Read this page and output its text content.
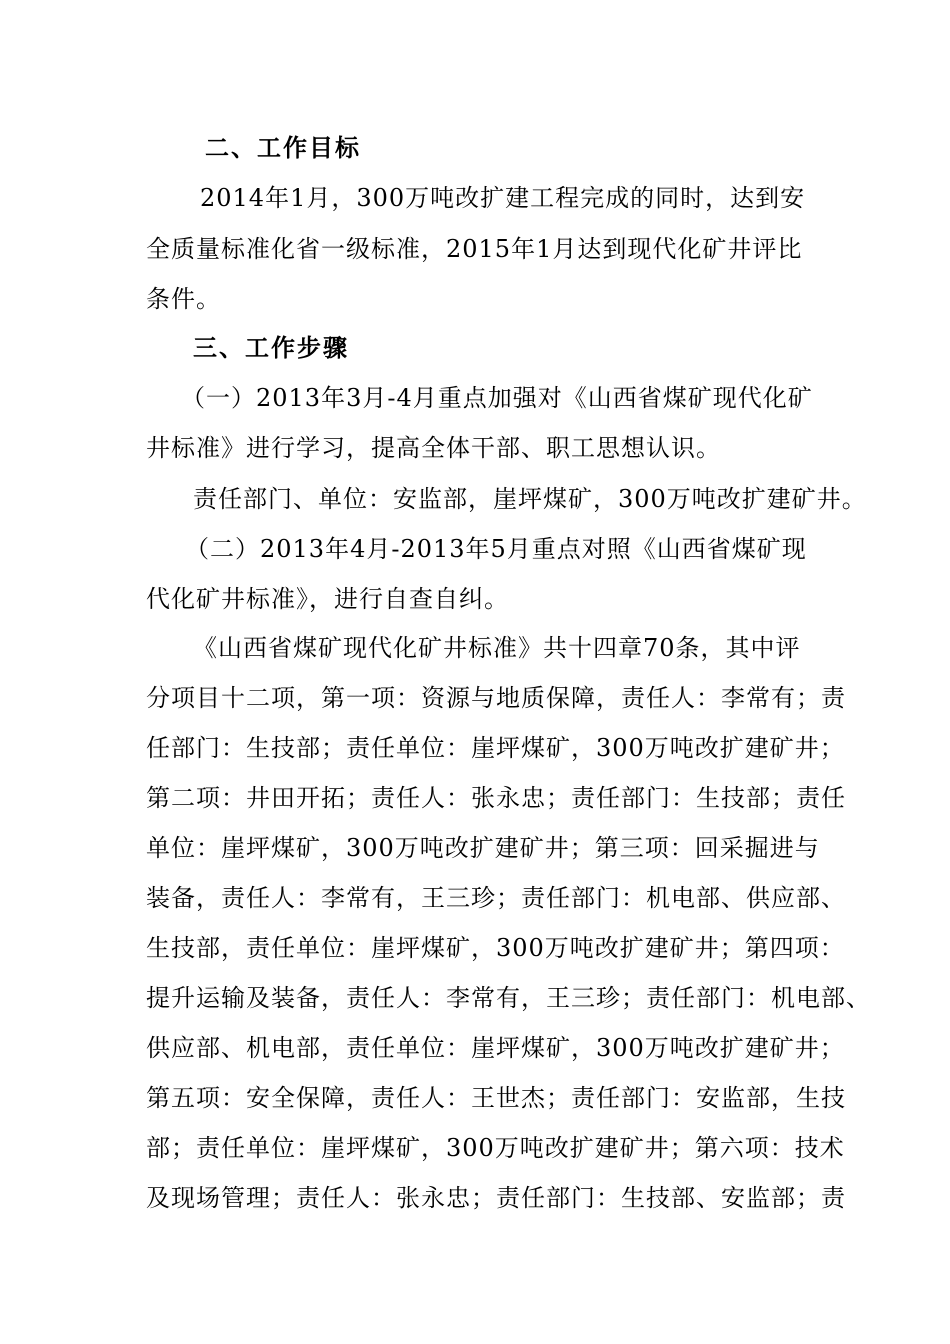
二、工作目标
2014年1月，300万吨改扩建工程完成的同时，达到安
全质量标准化省一级标准，2015年1月达到现代化矿井评比
条件。
三、工作步骤
（一）2013年3月-4月重点加强对《山西省煤矿现代化矿
井标准》进行学习，提高全体干部、职工思想认识。
责任部门、单位：安监部，崖坪煤矿，300万吨改扩建矿井。
（二）2013年4月-2013年5月重点对照《山西省煤矿现
代化矿井标准》，进行自查自纠。
《山西省煤矿现代化矿井标准》共十四章70条，其中评
分项目十二项，第一项：资源与地质保障，责任人：李常有；责
任部门：生技部；责任单位：崖坪煤矿，300万吨改扩建矿井；
第二项：井田开拓；责任人：张永忠；责任部门：生技部；责任
单位：崖坪煤矿，300万吨改扩建矿井；第三项：回采掘进与
装备，责任人：李常有，王三珍；责任部门：机电部、供应部、
生技部，责任单位：崖坪煤矿，300万吨改扩建矿井；第四项：
提升运输及装备，责任人：李常有，王三珍；责任部门：机电部、
供应部、机电部，责任单位：崖坪煤矿，300万吨改扩建矿井；
第五项：安全保障，责任人：王世杰；责任部门：安监部，生技
部；责任单位：崖坪煤矿，300万吨改扩建矿井；第六项：技术
及现场管理；责任人：张永忠；责任部门：生技部、安监部；责
